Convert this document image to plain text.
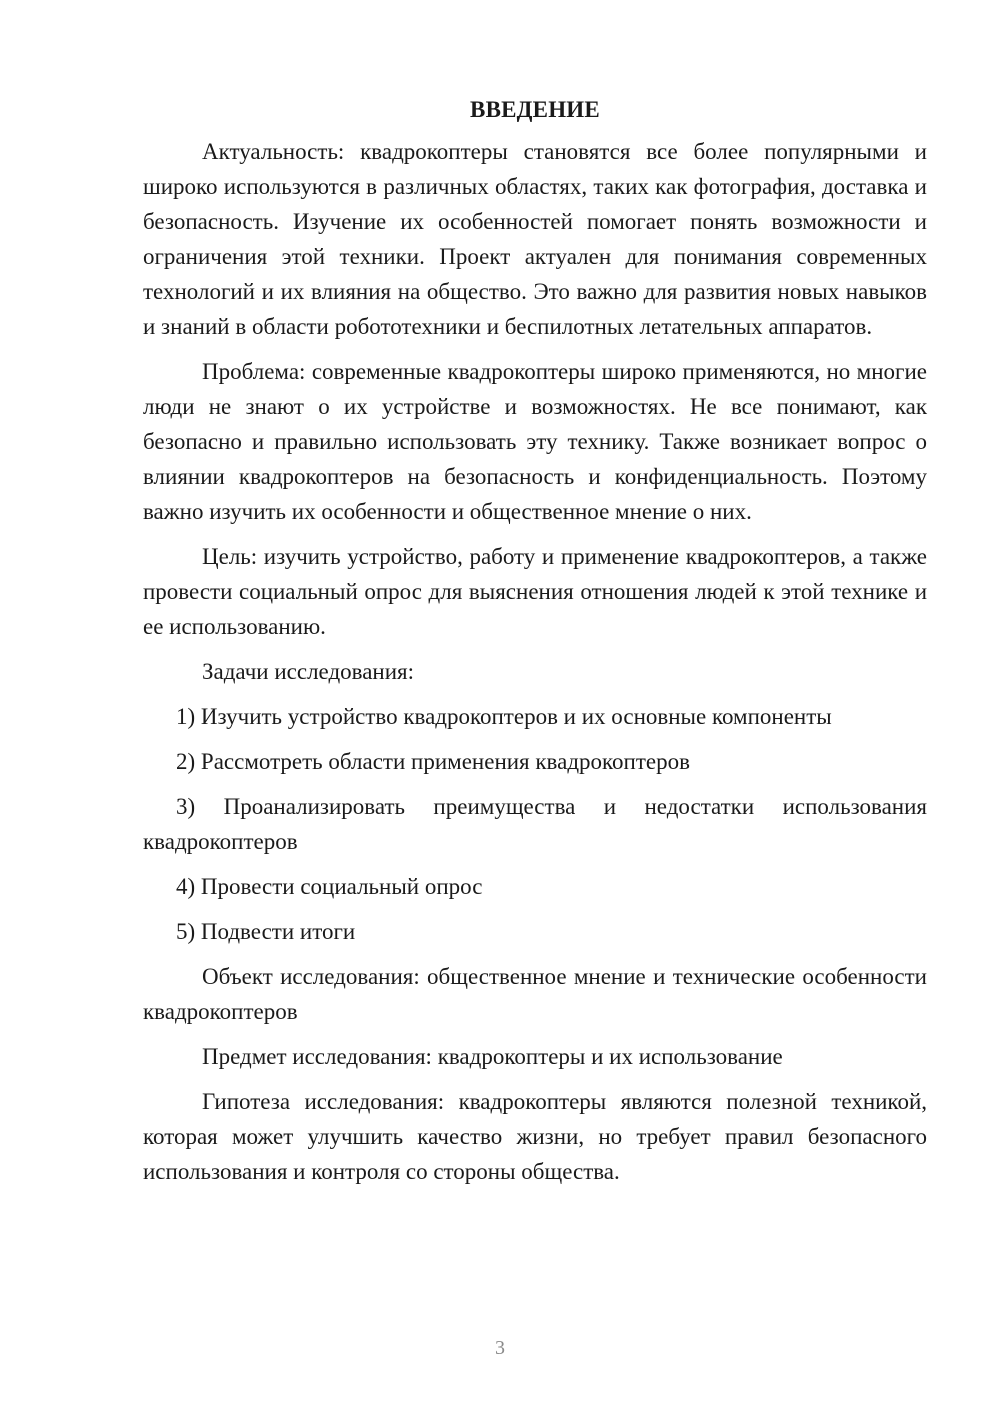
ВВЕДЕНИЕ

Актуальность: квадрокоптеры становятся все более популярными и широко используются в различных областях, таких как фотография, доставка и безопасность. Изучение их особенностей помогает понять возможности и ограничения этой техники. Проект актуален для понимания современных технологий и их влияния на общество. Это важно для развития новых навыков и знаний в области робототехники и беспилотных летательных аппаратов.

Проблема: современные квадрокоптеры широко применяются, но многие люди не знают о их устройстве и возможностях. Не все понимают, как безопасно и правильно использовать эту технику. Также возникает вопрос о влиянии квадрокоптеров на безопасность и конфиденциальность. Поэтому важно изучить их особенности и общественное мнение о них.

Цель: изучить устройство, работу и применение квадрокоптеров, а также провести социальный опрос для выяснения отношения людей к этой технике и ее использованию.

Задачи исследования:

1) Изучить устройство квадрокоптеров и их основные компоненты

2) Рассмотреть области применения квадрокоптеров

3) Проанализировать преимущества и недостатки использования квадрокоптеров

4) Провести социальный опрос

5) Подвести итоги

Объект исследования: общественное мнение и технические особенности квадрокоптеров

Предмет исследования: квадрокоптеры и их использование

Гипотеза исследования: квадрокоптеры являются полезной техникой, которая может улучшить качество жизни, но требует правил безопасного использования и контроля со стороны общества.

3
